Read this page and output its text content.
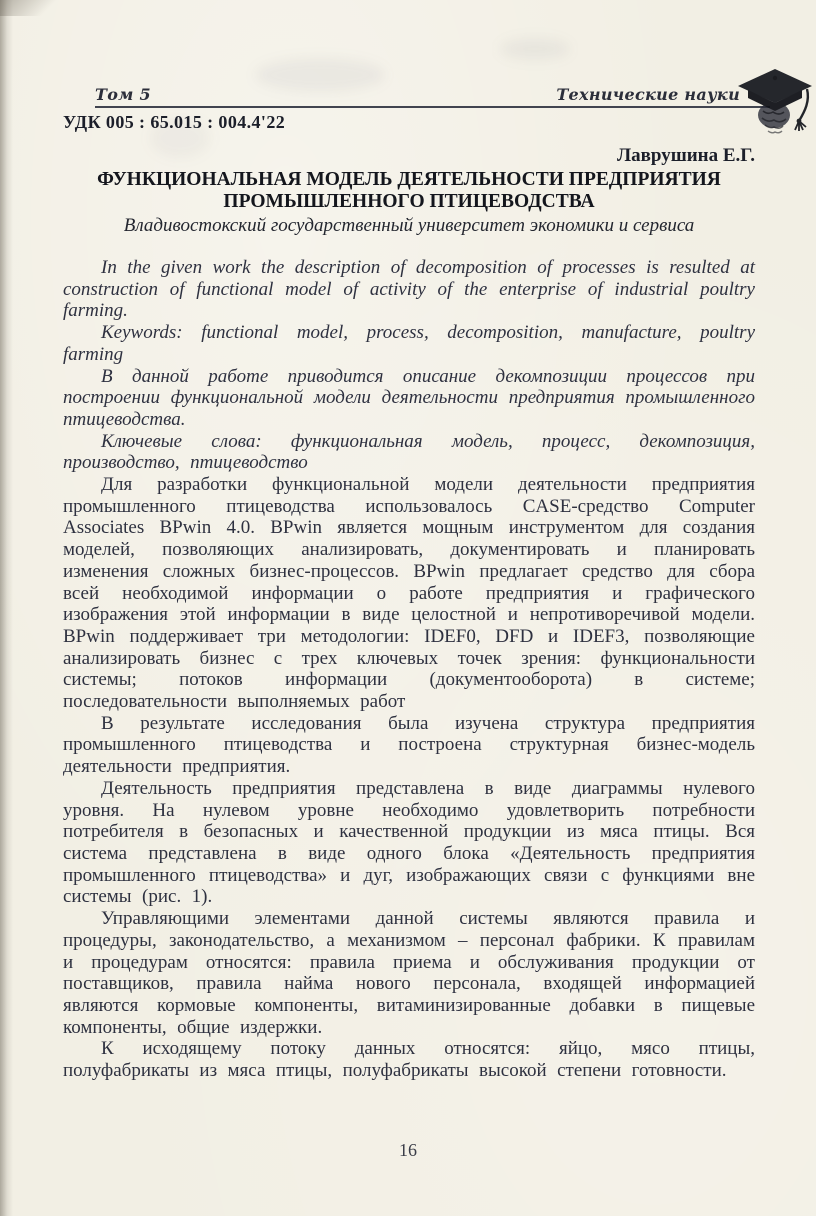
Том 5	Технические науки
УДК 005 : 65.015 : 004.4'22
Лаврушина Е.Г.
ФУНКЦИОНАЛЬНАЯ МОДЕЛЬ ДЕЯТЕЛЬНОСТИ ПРЕДПРИЯТИЯ ПРОМЫШЛЕННОГО ПТИЦЕВОДСТВА
Владивостокский государственный университет экономики и сервиса

In the given work the description of decomposition of processes is resulted at construction of functional model of activity of the enterprise of industrial poultry farming.

Keywords: functional model, process, decomposition, manufacture, poultry farming

В данной работе приводится описание декомпозиции процессов при построении функциональной модели деятельности предприятия промышленного птицеводства.

Ключевые слова: функциональная модель, процесс, декомпозиция, производство, птицеводство

Для разработки функциональной модели деятельности предприятия промышленного птицеводства использовалось CASE-средство Computer Associates BPwin 4.0. BPwin является мощным инструментом для создания моделей, позволяющих анализировать, документировать и планировать изменения сложных бизнес-процессов. BPwin предлагает средство для сбора всей необходимой информации о работе предприятия и графического изображения этой информации в виде целостной и непротиворечивой модели. BPwin поддерживает три методологии: IDEF0, DFD и IDEF3, позволяющие анализировать бизнес с трех ключевых точек зрения: функциональности системы; потоков информации (документооборота) в системе; последовательности выполняемых работ

В результате исследования была изучена структура предприятия промышленного птицеводства и построена структурная бизнес-модель деятельности предприятия.

Деятельность предприятия представлена в виде диаграммы нулевого уровня. На нулевом уровне необходимо удовлетворить потребности потребителя в безопасных и качественной продукции из мяса птицы. Вся система представлена в виде одного блока «Деятельность предприятия промышленного птицеводства» и дуг, изображающих связи с функциями вне системы (рис. 1).

Управляющими элементами данной системы являются правила и процедуры, законодательство, а механизмом – персонал фабрики. К правилам и процедурам относятся: правила приема и обслуживания продукции от поставщиков, правила найма нового персонала, входящей информацией являются кормовые компоненты, витаминизированные добавки в пищевые компоненты, общие издержки.

К исходящему потоку данных относятся: яйцо, мясо птицы, полуфабрикаты из мяса птицы, полуфабрикаты высокой степени готовности.

16
